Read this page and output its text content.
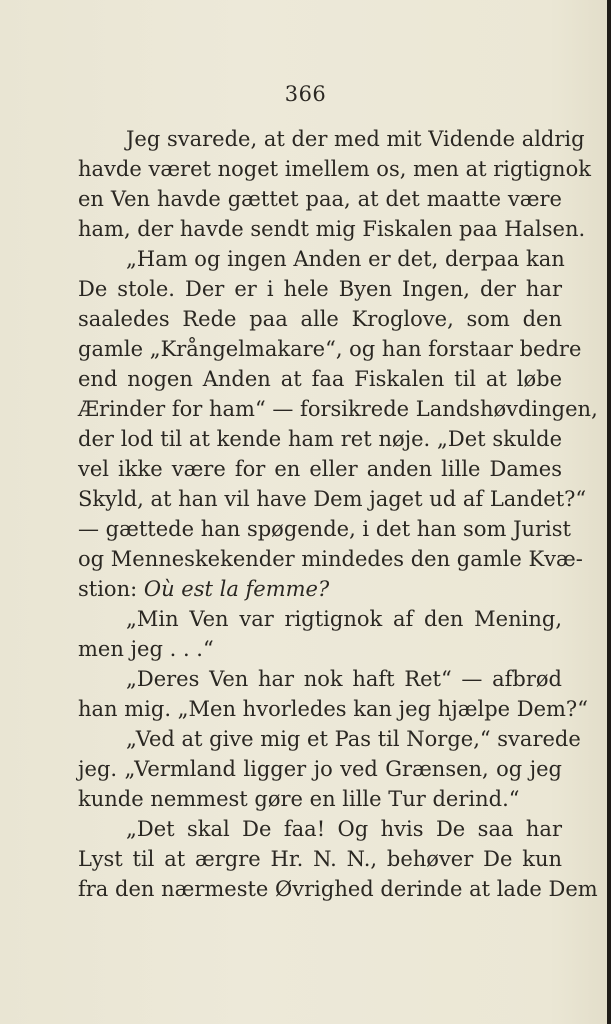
366
Jeg svarede, at der med mit Vidende aldrig
havde været noget imellem os, men at rigtignok
en Ven havde gættet paa, at det maatte være
ham, der havde sendt mig Fiskalen paa Halsen.
„Ham og ingen Anden er det, derpaa kan
De stole. Der er i hele Byen Ingen, der har
saaledes Rede paa alle Kroglove, som den
gamle „Krångelmakare“, og han forstaar bedre
end nogen Anden at faa Fiskalen til at løbe
Ærinder for ham“ — forsikrede Landshøvdingen,
der lod til at kende ham ret nøje. „Det skulde
vel ikke være for en eller anden lille Dames
Skyld, at han vil have Dem jaget ud af Landet?“
— gættede han spøgende, i det han som Jurist
og Menneskekender mindedes den gamle Kvæ-
stion: Où est la femme?
„Min Ven var rigtignok af den Mening,
men jeg . . .“
„Deres Ven har nok haft Ret“ — afbrød
han mig. „Men hvorledes kan jeg hjælpe Dem?“
„Ved at give mig et Pas til Norge,“ svarede
jeg. „Vermland ligger jo ved Grænsen, og jeg
kunde nemmest gøre en lille Tur derind.“
„Det skal De faa! Og hvis De saa har
Lyst til at ærgre Hr. N. N., behøver De kun
fra den nærmeste Øvrighed derinde at lade Dem
